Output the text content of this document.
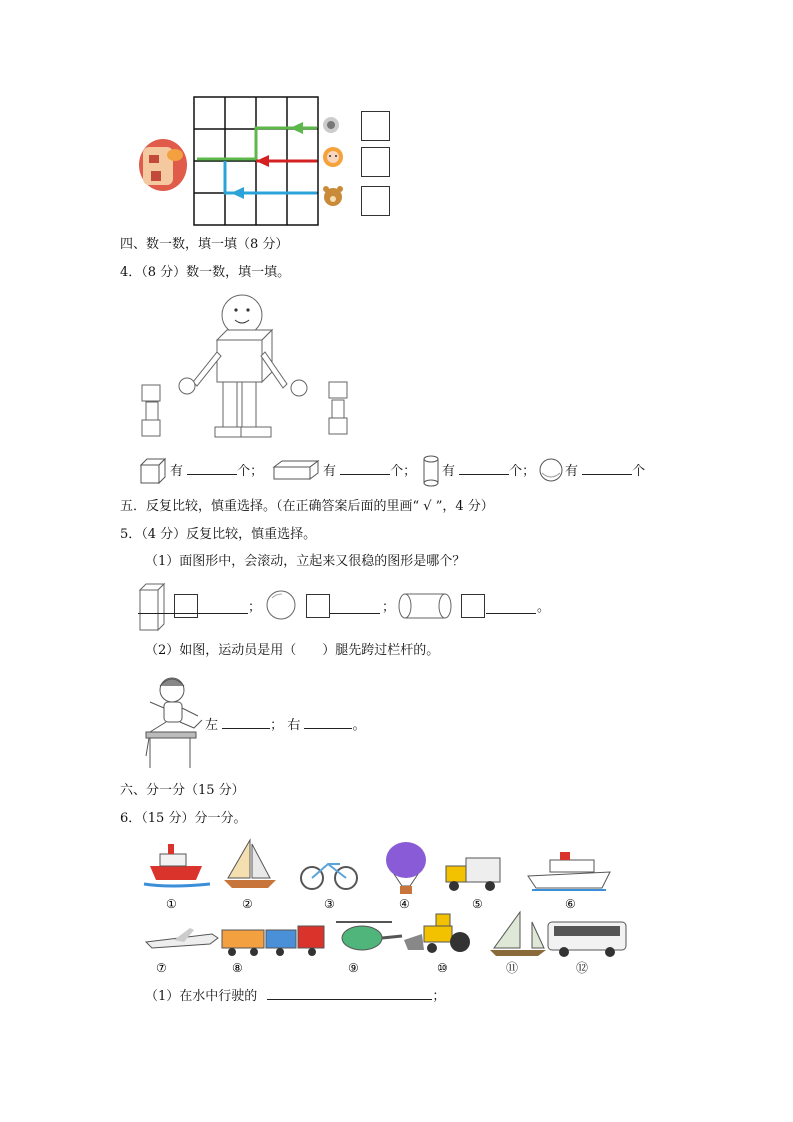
四、数一数，填一填（8 分）
4．（8 分）数一数，填一填。
有	个；	有	个； 有	个； 有	个
五．反复比较，慎重选择。（在正确答案后面的里画“ √ ”，4 分）
5．（4 分）反复比较，慎重选择。
（1）面图形中，会滚动，立起来又很稳的图形是哪个？
；	；	。
（2）如图，运动员是用（　　）腿先跨过栏杆的。
左	； 右	。
六、分一分（15 分）
6．（15 分）分一分。
①	②	③	④	⑤	⑥
⑦	⑧	⑨	⑩	⑪	⑫
（1）在水中行驶的	；
